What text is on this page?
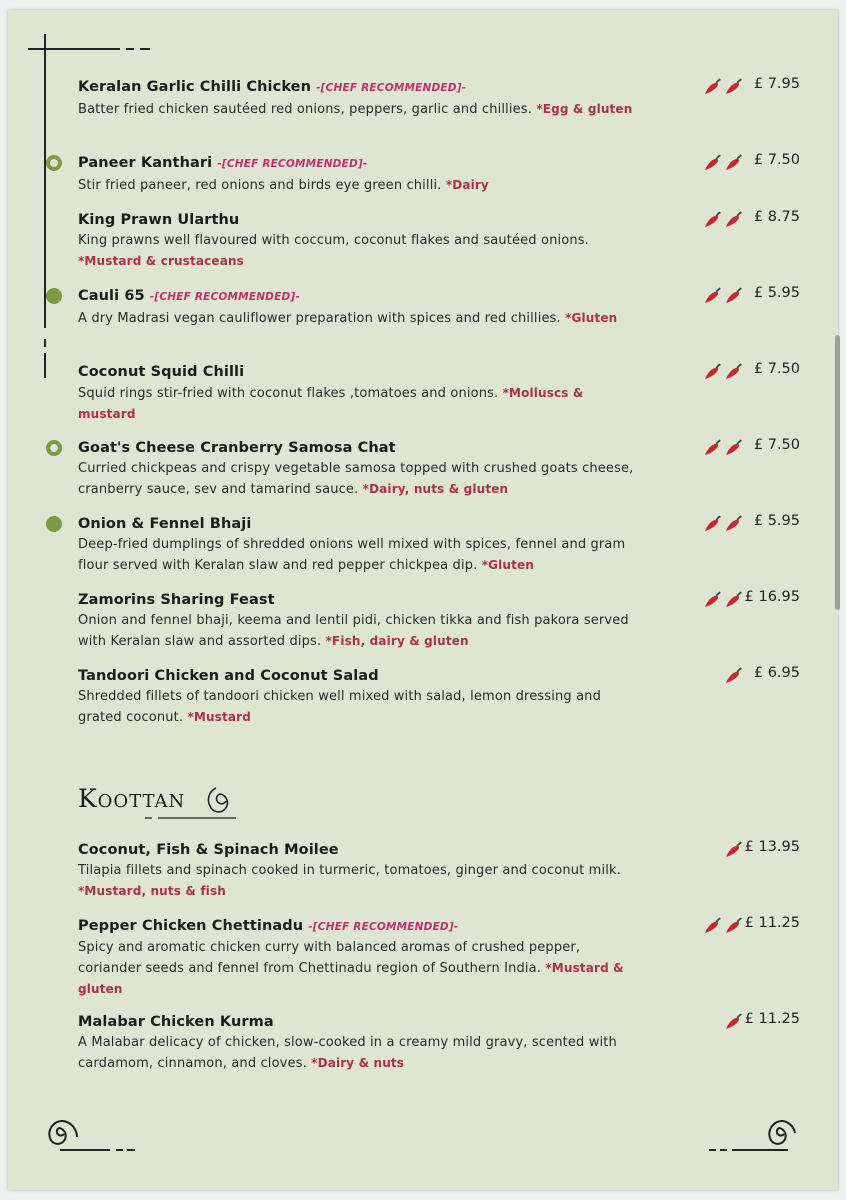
Keralan Garlic Chilli Chicken -[CHEF RECOMMENDED]-
Batter fried chicken sautéed red onions, peppers, garlic and chillies. *Egg & gluten
£ 7.95
Paneer Kanthari -[CHEF RECOMMENDED]-
Stir fried paneer, red onions and birds eye green chilli. *Dairy
£ 7.50
King Prawn Ularthu
King prawns well flavoured with coccum, coconut flakes and sautéed onions. *Mustard & crustaceans
£ 8.75
Cauli 65 -[CHEF RECOMMENDED]-
A dry Madrasi vegan cauliflower preparation with spices and red chillies. *Gluten
£ 5.95
Coconut Squid Chilli
Squid rings stir-fried with coconut flakes ,tomatoes and onions. *Molluscs & mustard
£ 7.50
Goat's Cheese Cranberry Samosa Chat
Curried chickpeas and crispy vegetable samosa topped with crushed goats cheese, cranberry sauce, sev and tamarind sauce. *Dairy, nuts & gluten
£ 7.50
Onion & Fennel Bhaji
Deep-fried dumplings of shredded onions well mixed with spices, fennel and gram flour served with Keralan slaw and red pepper chickpea dip. *Gluten
£ 5.95
Zamorins Sharing Feast
Onion and fennel bhaji, keema and lentil pidi, chicken tikka and fish pakora served with Keralan slaw and assorted dips. *Fish, dairy & gluten
£ 16.95
Tandoori Chicken and Coconut Salad
Shredded fillets of tandoori chicken well mixed with salad, lemon dressing and grated coconut. *Mustard
£ 6.95
Coconut, Fish & Spinach Moilee
Tilapia fillets and spinach cooked in turmeric, tomatoes, ginger and coconut milk. *Mustard, nuts & fish
£ 13.95
Pepper Chicken Chettinadu -[CHEF RECOMMENDED]-
Spicy and aromatic chicken curry with balanced aromas of crushed pepper, coriander seeds and fennel from Chettinadu region of Southern India. *Mustard & gluten
£ 11.25
Malabar Chicken Kurma
A Malabar delicacy of chicken, slow-cooked in a creamy mild gravy, scented with cardamom, cinnamon, and cloves. *Dairy & nuts
£ 11.25
Koottan
